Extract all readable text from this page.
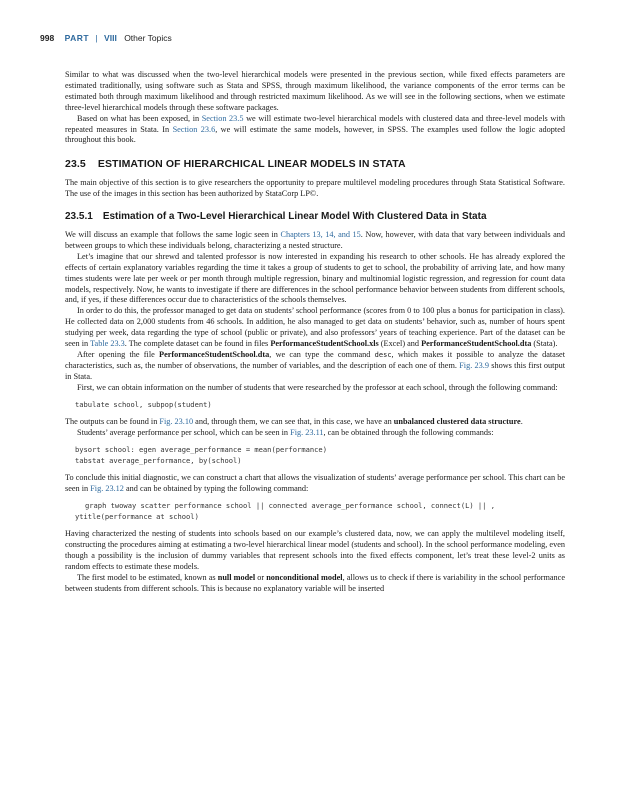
998 PART | VIII Other Topics

Similar to what was discussed when the two-level hierarchical models were presented in the previous section, while fixed effects parameters are estimated traditionally, using software such as Stata and SPSS, through maximum likelihood, the variance components of the error terms can be estimated both through maximum likelihood and through restricted maximum likelihood. As we will see in the following sections, when we estimate three-level hierarchical models through these software packages.

Based on what has been exposed, in Section 23.5 we will estimate two-level hierarchical models with clustered data and three-level models with repeated measures in Stata. In Section 23.6, we will estimate the same models, however, in SPSS. The examples used follow the logic adopted throughout this book.

23.5 ESTIMATION OF HIERARCHICAL LINEAR MODELS IN STATA

The main objective of this section is to give researchers the opportunity to prepare multilevel modeling procedures through Stata Statistical Software. The use of the images in this section has been authorized by StataCorp LP©.

23.5.1 Estimation of a Two-Level Hierarchical Linear Model With Clustered Data in Stata

We will discuss an example that follows the same logic seen in Chapters 13, 14, and 15. Now, however, with data that vary between individuals and between groups to which these individuals belong, characterizing a nested structure.

Let’s imagine that our shrewd and talented professor is now interested in expanding his research to other schools. He has already explored the effects of certain explanatory variables regarding the time it takes a group of students to get to school, the probability of arriving late, and how many times students were late per week or per month through multiple regression, binary and multinomial logistic regression, and regression for count data models, respectively. Now, he wants to investigate if there are differences in the school performance behavior between students from different schools, and, if yes, if these differences occur due to characteristics of the schools themselves.

In order to do this, the professor managed to get data on students’ school performance (scores from 0 to 100 plus a bonus for participation in class). He collected data on 2,000 students from 46 schools. In addition, he also managed to get data on students’ behavior, such as, number of hours spent studying per week, data regarding the type of school (public or private), and also professors’ years of teaching experience. Part of the dataset can be seen in Table 23.3. The complete dataset can be found in files PerformanceStudentSchool.xls (Excel) and PerformanceStudentSchool.dta (Stata).

After opening the file PerformanceStudentSchool.dta, we can type the command desc, which makes it possible to analyze the dataset characteristics, such as, the number of observations, the number of variables, and the description of each one of them. Fig. 23.9 shows this first output in Stata.

First, we can obtain information on the number of students that were researched by the professor at each school, through the following command:

tabulate school, subpop(student)

The outputs can be found in Fig. 23.10 and, through them, we can see that, in this case, we have an unbalanced clustered data structure.

Students’ average performance per school, which can be seen in Fig. 23.11, can be obtained through the following commands:

bysort school: egen average_performance = mean(performance)
tabstat average_performance, by(school)

To conclude this initial diagnostic, we can construct a chart that allows the visualization of students’ average performance per school. This chart can be seen in Fig. 23.12 and can be obtained by typing the following command:

graph twoway scatter performance school || connected average_performance school, connect(L) || ,
ytitle(performance at school)

Having characterized the nesting of students into schools based on our example’s clustered data, now, we can apply the multilevel modeling itself, constructing the procedures aiming at estimating a two-level hierarchical linear model (students and school). In the school performance modeling, even though a possibility is the inclusion of dummy variables that represent schools into the fixed effects component, let’s treat these level-2 units as random effects to estimate these models.

The first model to be estimated, known as null model or nonconditional model, allows us to check if there is variability in the school performance between students from different schools. This is because no explanatory variable will be inserted
